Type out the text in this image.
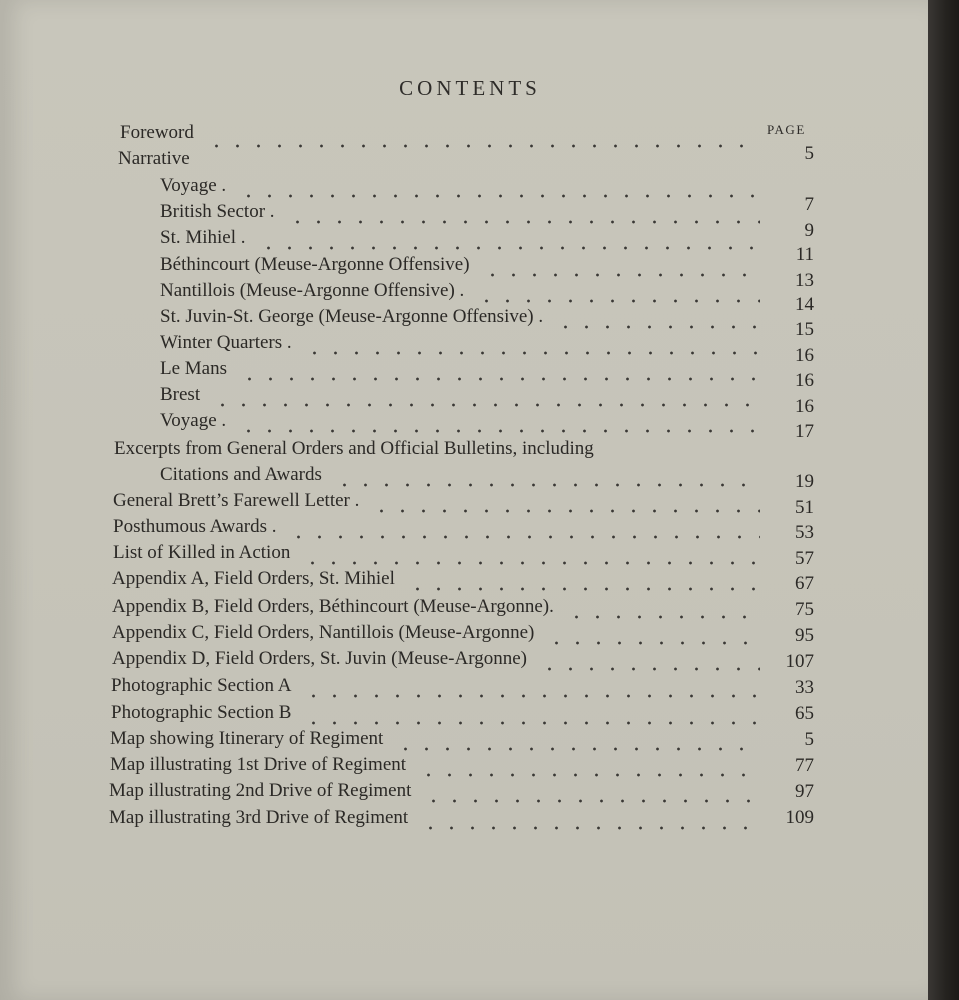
CONTENTS
PAGE
Foreword
Narrative
Voyage .
British Sector .
St. Mihiel .
Béthincourt (Meuse-Argonne Offensive)
Nantillois (Meuse-Argonne Offensive) .
St. Juvin-St. George (Meuse-Argonne Offensive) .
Winter Quarters .
Le Mans
Brest
Voyage .
Excerpts from General Orders and Official Bulletins, including
Citations and Awards
General Brett’s Farewell Letter .
Posthumous Awards .
List of Killed in Action
Appendix A, Field Orders, St. Mihiel
Appendix B, Field Orders, Béthincourt (Meuse-Argonne).
Appendix C, Field Orders, Nantillois (Meuse-Argonne)
Appendix D, Field Orders, St. Juvin (Meuse-Argonne)
Photographic Section A
Photographic Section B
Map showing Itinerary of Regiment
Map illustrating 1st Drive of Regiment
Map illustrating 2nd Drive of Regiment
Map illustrating 3rd Drive of Regiment
5
7
9
11
13
14
15
16
16
16
17
19
51
53
57
67
75
95
107
33
65
5
77
97
109
